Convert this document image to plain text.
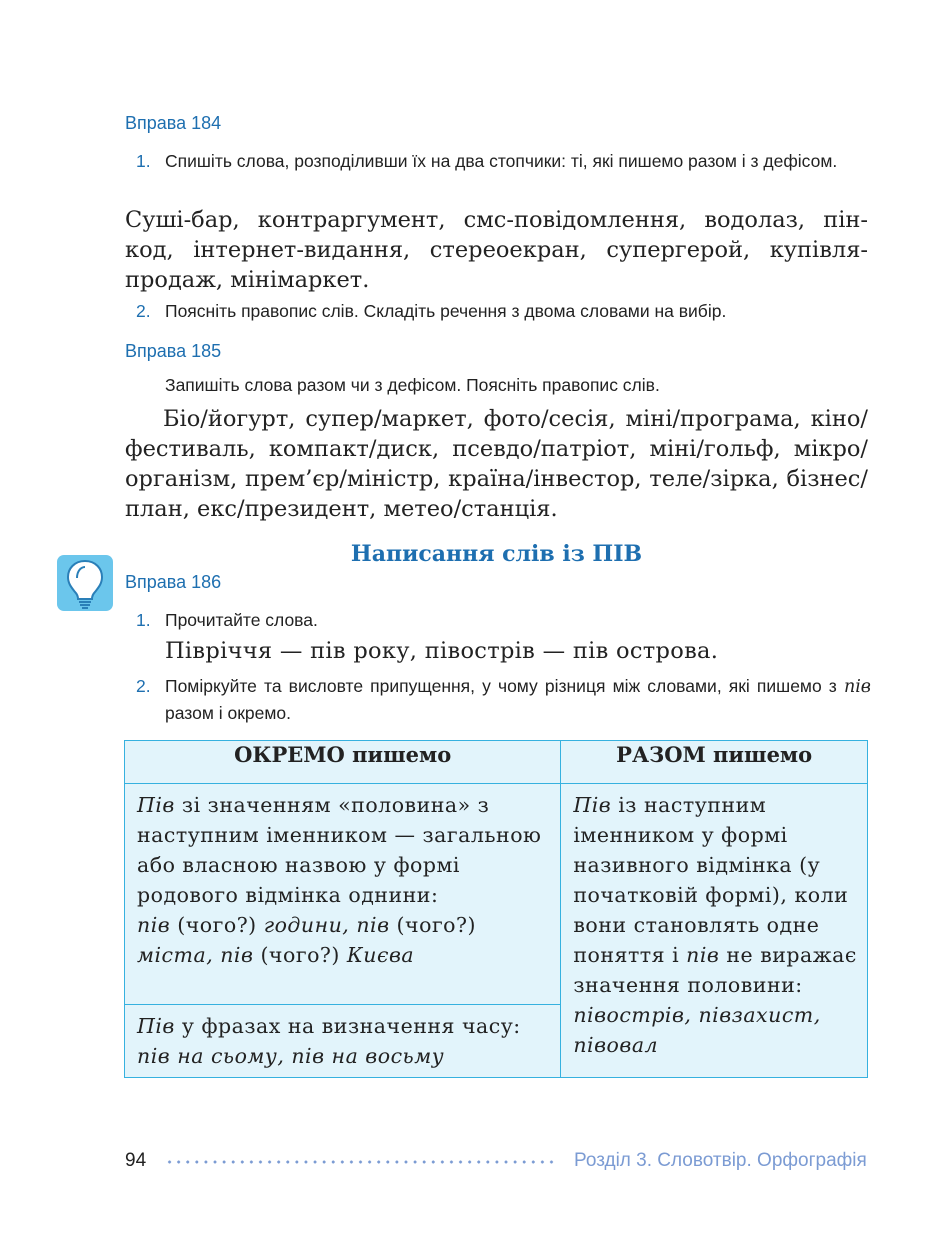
Вправа 184
1. Спишіть слова, розподіливши їх на два стопчики: ті, які пишемо разом і з дефісом.
Суші-бар, контраргумент, смс-повідомлення, водолаз, пін-код, інтернет-видання, стереоекран, супергерой, купівля-продаж, мінімаркет.
2. Поясніть правопис слів. Складіть речення з двома словами на вибір.
Вправа 185
Запишіть слова разом чи з дефісом. Поясніть правопис слів.
Біо/йогурт, супер/маркет, фото/сесія, міні/програма, кіно/фестиваль, компакт/диск, псевдо/патріот, міні/гольф, мікро/організм, прем’єр/міністр, країна/інвестор, теле/зірка, бізнес/план, екс/президент, метео/станція.
Написання слів із ПІВ
Вправа 186
1. Прочитайте слова.
Півріччя — пів року, півострів — пів острова.
2. Поміркуйте та висловте припущення, у чому різниця між словами, які пишемо з пів разом і окремо.
ОКРЕМО пишемо	РАЗОМ пишемо
Пів зі значенням «половина» з наступним іменником — загальною або власною назвою у формі родового відмінка однини:
пів (чого?) години, пів (чого?) міста, пів (чого?) Києва	Пів із наступним іменником у формі називного відмінка (у початковій формі), коли вони становлять одне поняття і пів не виражає значення половини: півострів, півзахист, півовал
Пів у фразах на визначення часу: пів на сьому, пів на восьму	
94	Розділ 3. Словотвір. Орфографія
